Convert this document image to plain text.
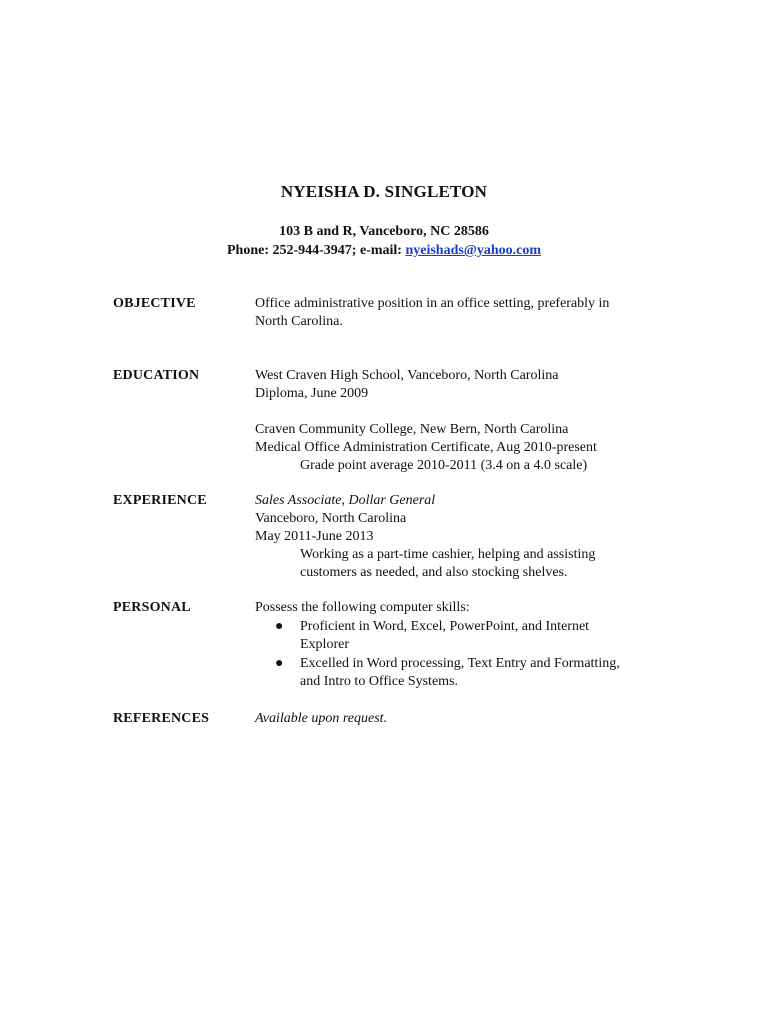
NYEISHA D. SINGLETON
103 B and R, Vanceboro, NC 28586
Phone: 252-944-3947; e-mail: nyeishads@yahoo.com
OBJECTIVE	Office administrative position in an office setting, preferably in

North Carolina.

EDUCATION	West Craven High School, Vanceboro, North Carolina

Diploma, June 2009

Craven Community College, New Bern, North Carolina

Medical Office Administration Certificate, Aug 2010-present

Grade point average 2010-2011 (3.4 on a 4.0 scale)

EXPERIENCE	Sales Associate, Dollar General

Vanceboro, North Carolina

May 2011-June 2013

Working as a part-time cashier, helping and assisting

customers as needed, and also stocking shelves.

PERSONAL	Possess the following computer skills:

● Proficient in Word, Excel, PowerPoint, and Internet
Explorer
● Excelled in Word processing, Text Entry and Formatting,
and Intro to Office Systems.
REFERENCES	Available upon request.
